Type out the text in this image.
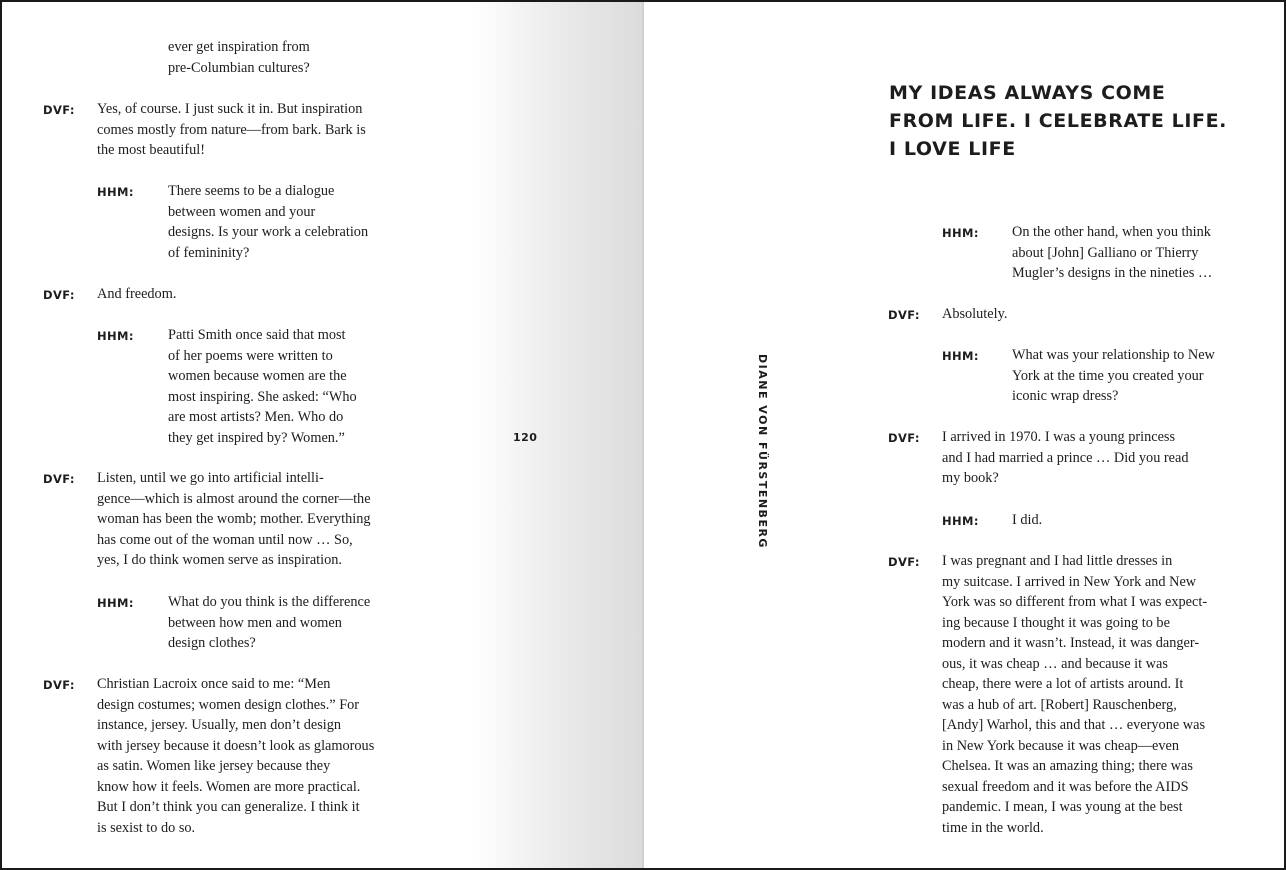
ever get inspiration from
pre-Columbian cultures?
DVF: Yes, of course. I just suck it in. But inspiration
comes mostly from nature—from bark. Bark is
the most beautiful!
HHM: There seems to be a dialogue
between women and your
designs. Is your work a celebration
of femininity?
DVF: And freedom.
HHM: Patti Smith once said that most
of her poems were written to
women because women are the
most inspiring. She asked: “Who
are most artists? Men. Who do
they get inspired by? Women.”
DVF: Listen, until we go into artificial intelli-
gence—which is almost around the corner—the
woman has been the womb; mother. Everything
has come out of the woman until now … So,
yes, I do think women serve as inspiration.
HHM: What do you think is the difference
between how men and women
design clothes?
DVF: Christian Lacroix once said to me: “Men
design costumes; women design clothes.” For
instance, jersey. Usually, men don’t design
with jersey because it doesn’t look as glamorous
as satin. Women like jersey because they
know how it feels. Women are more practical.
But I don’t think you can generalize. I think it
is sexist to do so.
120	DIANE VON FÜRSTENBERG
MY IDEAS ALWAYS COME
FROM LIFE. I CELEBRATE LIFE.
I LOVE LIFE
HHM: On the other hand, when you think
about [John] Galliano or Thierry
Mugler’s designs in the nineties …
DVF: Absolutely.
HHM: What was your relationship to New
York at the time you created your
iconic wrap dress?
DVF: I arrived in 1970. I was a young princess
and I had married a prince … Did you read
my book?
HHM: I did.
DVF: I was pregnant and I had little dresses in
my suitcase. I arrived in New York and New
York was so different from what I was expect-
ing because I thought it was going to be
modern and it wasn’t. Instead, it was danger-
ous, it was cheap … and because it was
cheap, there were a lot of artists around. It
was a hub of art. [Robert] Rauschenberg,
[Andy] Warhol, this and that … everyone was
in New York because it was cheap—even
Chelsea. It was an amazing thing; there was
sexual freedom and it was before the AIDS
pandemic. I mean, I was young at the best
time in the world.
